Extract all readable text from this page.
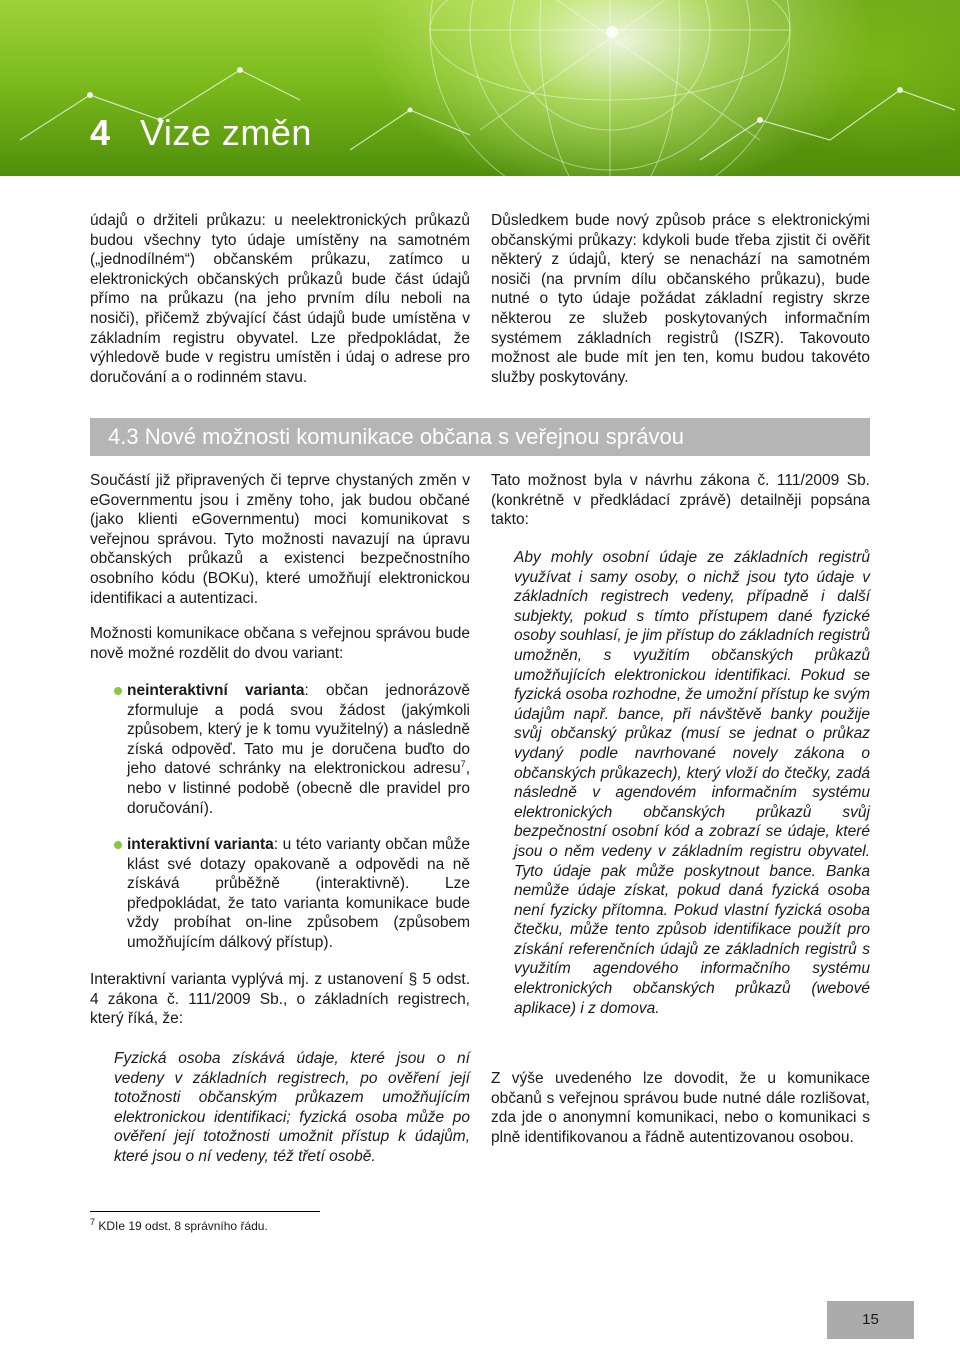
4 Vize změn

údajů o držiteli průkazu: u neelektronických průkazů budou všechny tyto údaje umístěny na samotném („jednodílném“) občanském průkazu, zatímco u elektronických občanských průkazů bude část údajů přímo na průkazu (na jeho prvním dílu neboli na nosiči), přičemž zbývající část údajů bude umístěna v základním registru obyvatel. Lze předpokládat, že výhledově bude v registru umístěn i údaj o adrese pro doručování a o rodinném stavu.

Důsledkem bude nový způsob práce s elektronickými občanskými průkazy: kdykoli bude třeba zjistit či ověřit některý z údajů, který se nenachází na samotném nosiči (na prvním dílu občanského průkazu), bude nutné o tyto údaje požádat základní registry skrze některou ze služeb poskytovaných informačním systémem základních registrů (ISZR). Takovouto možnost ale bude mít jen ten, komu budou takovéto služby poskytovány.

4.3 Nové možnosti komunikace občana s veřejnou správou

Součástí již připravených či teprve chystaných změn v eGovernmentu jsou i změny toho, jak budou občané (jako klienti eGovernmentu) moci komunikovat s veřejnou správou. Tyto možnosti navazují na úpravu občanských průkazů a existenci bezpečnostního osobního kódu (BOKu), které umožňují elektronickou identifikaci a autentizaci.

Možnosti komunikace občana s veřejnou správou bude nově možné rozdělit do dvou variant:

neinteraktivní varianta: občan jednorázově zformuluje a podá svou žádost (jakýmkoli způsobem, který je k tomu využitelný) a následně získá odpověď. Tato mu je doručena buďto do jeho datové schránky na elektronickou adresu$^7$, nebo v listinné podobě (obecně dle pravidel pro doručování).

interaktivní varianta: u této varianty občan může klást své dotazy opakovaně a odpovědi na ně získává průběžně (interaktivně). Lze předpokládat, že tato varianta komunikace bude vždy probíhat on-line způsobem (způsobem umožňujícím dálkový přístup).

Interaktivní varianta vyplývá mj. z ustanovení § 5 odst. 4 zákona č. 111/2009 Sb., o základních registrech, který říká, že:

Fyzická osoba získává údaje, které jsou o ní vedeny v základních registrech, po ověření její totožnosti občanským průkazem umožňujícím elektronickou identifikaci; fyzická osoba může po ověření její totožnosti umožnit přístup k údajům, které jsou o ní vedeny, též třetí osobě.

Tato možnost byla v návrhu zákona č. 111/2009 Sb. (konkrétně v předkládací zprávě) detailněji popsána takto:

Aby mohly osobní údaje ze základních registrů využívat i samy osoby, o nichž jsou tyto údaje v základních registrech vedeny, případně i další subjekty, pokud s tímto přístupem dané fyzické osoby souhlasí, je jim přístup do základních registrů umožněn, s využitím občanských průkazů umožňujících elektronickou identifikaci. Pokud se fyzická osoba rozhodne, že umožní přístup ke svým údajům např. bance, při návštěvě banky použije svůj občanský průkaz (musí se jednat o průkaz vydaný podle navrhované novely zákona o občanských průkazech), který vloží do čtečky, zadá následně v agendovém informačním systému elektronických občanských průkazů svůj bezpečnostní osobní kód a zobrazí se údaje, které jsou o něm vedeny v základním registru obyvatel. Tyto údaje pak může poskytnout bance. Banka nemůže údaje získat, pokud daná fyzická osoba není fyzicky přítomna. Pokud vlastní fyzická osoba čtečku, může tento způsob identifikace použít pro získání referenčních údajů ze základních registrů s využitím agendového informačního systému elektronických občanských průkazů (webové aplikace) i z domova.

Z výše uvedeného lze dovodit, že u komunikace občanů s veřejnou správou bude nutné dále rozlišovat, zda jde o anonymní komunikaci, nebo o komunikaci s plně identifikovanou a řádně autentizovanou osobou.

$^7$ KDIe 19 odst. 8 správního řádu.
15
